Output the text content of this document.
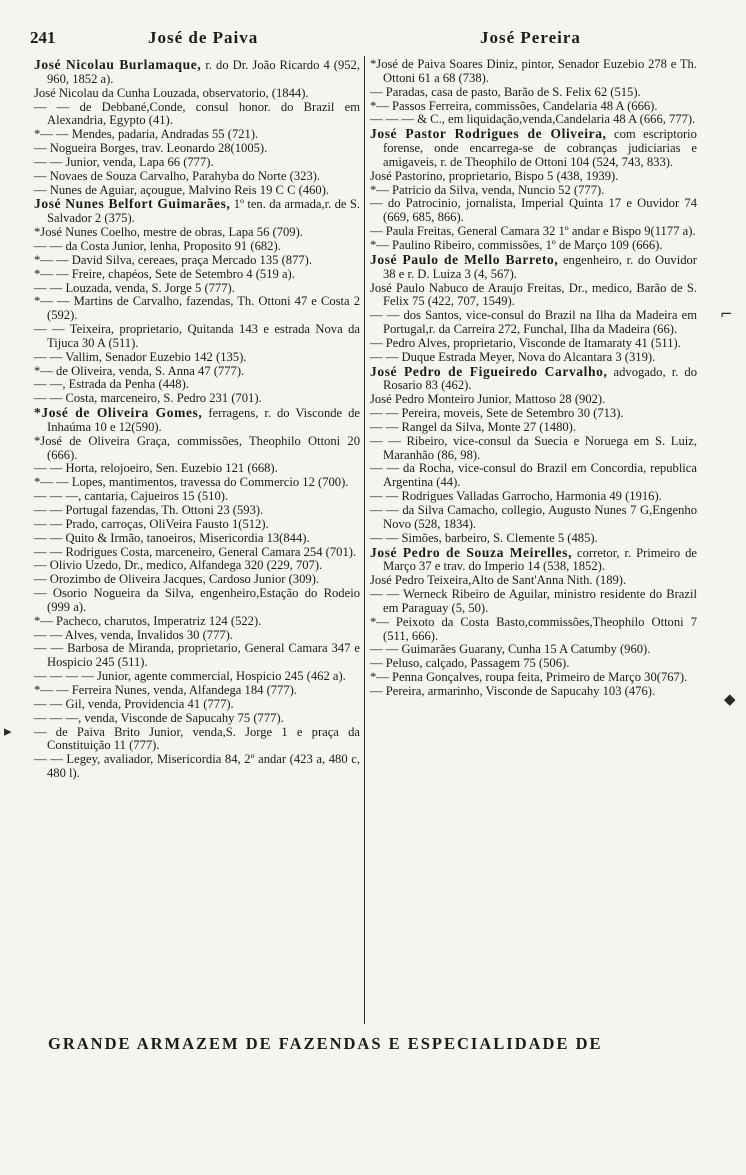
241	José de Paiva	José Pereira

José Nicolau Burlamaque, r. do Dr. João Ricardo 4 (952, 960, 1852 a).

José Nicolau da Cunha Louzada, observatorio, (1844).

— — de Debbané,Conde, consul honor. do Brazil em Alexandria, Egypto (41).

*— — Mendes, padaria, Andradas 55 (721).

— Nogueira Borges, trav. Leonardo 28(1005).

— — Junior, venda, Lapa 66 (777).

— Novaes de Souza Carvalho, Parahyba do Norte (323).

— Nunes de Aguiar, açougue, Malvino Reis 19 C C (460).

José Nunes Belfort Guimarães, 1º ten. da armada,r. de S. Salvador 2 (375).

*José Nunes Coelho, mestre de obras, Lapa 56 (709).

— — da Costa Junior, lenha, Proposito 91 (682).

*— — David Silva, cereaes, praça Mercado 135 (877).

*— — Freire, chapéos, Sete de Setembro 4 (519 a).

— — Louzada, venda, S. Jorge 5 (777).

*— — Martins de Carvalho, fazendas, Th. Ottoni 47 e Costa 2 (592).

— — Teixeira, proprietario, Quitanda 143 e estrada Nova da Tijuca 30 A (511).

— — Vallim, Senador Euzebio 142 (135).

*— de Oliveira, venda, S. Anna 47 (777).

— —, Estrada da Penha (448).

— — Costa, marceneiro, S. Pedro 231 (701).

*José de Oliveira Gomes, ferragens, r. do Visconde de Inhaúma 10 e 12(590).

*José de Oliveira Graça, commissões, Theophilo Ottoni 20 (666).

— — Horta, relojoeiro, Sen. Euzebio 121 (668).

*— — Lopes, mantimentos, travessa do Commercio 12 (700).

— — —, cantaria, Cajueiros 15 (510).

— — Portugal fazendas, Th. Ottoni 23 (593).

— — Prado, carroças, OliVeira Fausto 1(512).

— — Quito & Irmão, tanoeiros, Misericordia 13(844).

— — Rodrigues Costa, marceneiro, General Camara 254 (701).

— Olivio Uzedo, Dr., medico, Alfandega 320 (229, 707).

— Orozimbo de Oliveira Jacques, Cardoso Junior (309).

— Osorio Nogueira da Silva, engenheiro,Estação do Rodeio (999 a).

*— Pacheco, charutos, Imperatriz 124 (522).

— — Alves, venda, Invalidos 30 (777).

— — Barbosa de Miranda, proprietario, General Camara 347 e Hospicio 245 (511).

— — — — Junior, agente commercial, Hospicio 245 (462 a).

*— — Ferreira Nunes, venda, Alfandega 184 (777).

— — Gil, venda, Providencia 41 (777).

— — —, venda, Visconde de Sapucahy 75 (777).

— de Paiva Brito Junior, venda,S. Jorge 1 e praça da Constituição 11 (777).

— — Legey, avaliador, Misericordia 84, 2º andar (423 a, 480 c, 480 l).

*José de Paiva Soares Diniz, pintor, Senador Euzebio 278 e Th. Ottoni 61 a 68 (738).

— Paradas, casa de pasto, Barão de S. Felix 62 (515).

*— Passos Ferreira, commissões, Candelaria 48 A (666).

— — — & C., em liquidação,venda,Candelaria 48 A (666, 777).

José Pastor Rodrigues de Oliveira, com escriptorio forense, onde encarrega-se de cobranças judiciarias e amigaveis, r. de Theophilo de Ottoni 104 (524, 743, 833).

José Pastorino, proprietario, Bispo 5 (438, 1939).

*— Patricio da Silva, venda, Nuncio 52 (777).

— do Patrocinio, jornalista, Imperial Quinta 17 e Ouvidor 74 (669, 685, 866).

— Paula Freitas, General Camara 32 1º andar e Bispo 9(1177 a).

*— Paulino Ribeiro, commissões, 1º de Março 109 (666).

José Paulo de Mello Barreto, engenheiro, r. do Ouvidor 38 e r. D. Luiza 3 (4, 567).

José Paulo Nabuco de Araujo Freitas, Dr., medico, Barão de S. Felix 75 (422, 707, 1549).

— — dos Santos, vice-consul do Brazil na Ilha da Madeira em Portugal,r. da Carreira 272, Funchal, Ilha da Madeira (66).

— Pedro Alves, proprietario, Visconde de Itamaraty 41 (511).

— — Duque Estrada Meyer, Nova do Alcantara 3 (319).

José Pedro de Figueiredo Carvalho, advogado, r. do Rosario 83 (462).

José Pedro Monteiro Junior, Mattoso 28 (902).

— — Pereira, moveis, Sete de Setembro 30 (713).

— — Rangel da Silva, Monte 27 (1480).

— — Ribeiro, vice-consul da Suecia e Noruega em S. Luiz, Maranhão (86, 98).

— — da Rocha, vice-consul do Brazil em Concordia, republica Argentina (44).

— — Rodrigues Valladas Garrocho, Harmonia 49 (1916).

— — da Silva Camacho, collegio, Augusto Nunes 7 G,Engenho Novo (528, 1834).

— — Simões, barbeiro, S. Clemente 5 (485).

José Pedro de Souza Meirelles, corretor, r. Primeiro de Março 37 e trav. do Imperio 14 (538, 1852).

José Pedro Teixeira,Alto de Sant'Anna Nith. (189).

— — Werneck Ribeiro de Aguilar, ministro residente do Brazil em Paraguay (5, 50).

*— Peixoto da Costa Basto,commissões,Theophilo Ottoni 7 (511, 666).

— — Guimarães Guarany, Cunha 15 A Catumby (960).

— Peluso, calçado, Passagem 75 (506).

*— Penna Gonçalves, roupa feita, Primeiro de Março 30(767).

— Pereira, armarinho, Visconde de Sapucahy 103 (476).

⌐
◆
▸
GRANDE ARMAZEM DE FAZENDAS E ESPECIALIDADE DE
